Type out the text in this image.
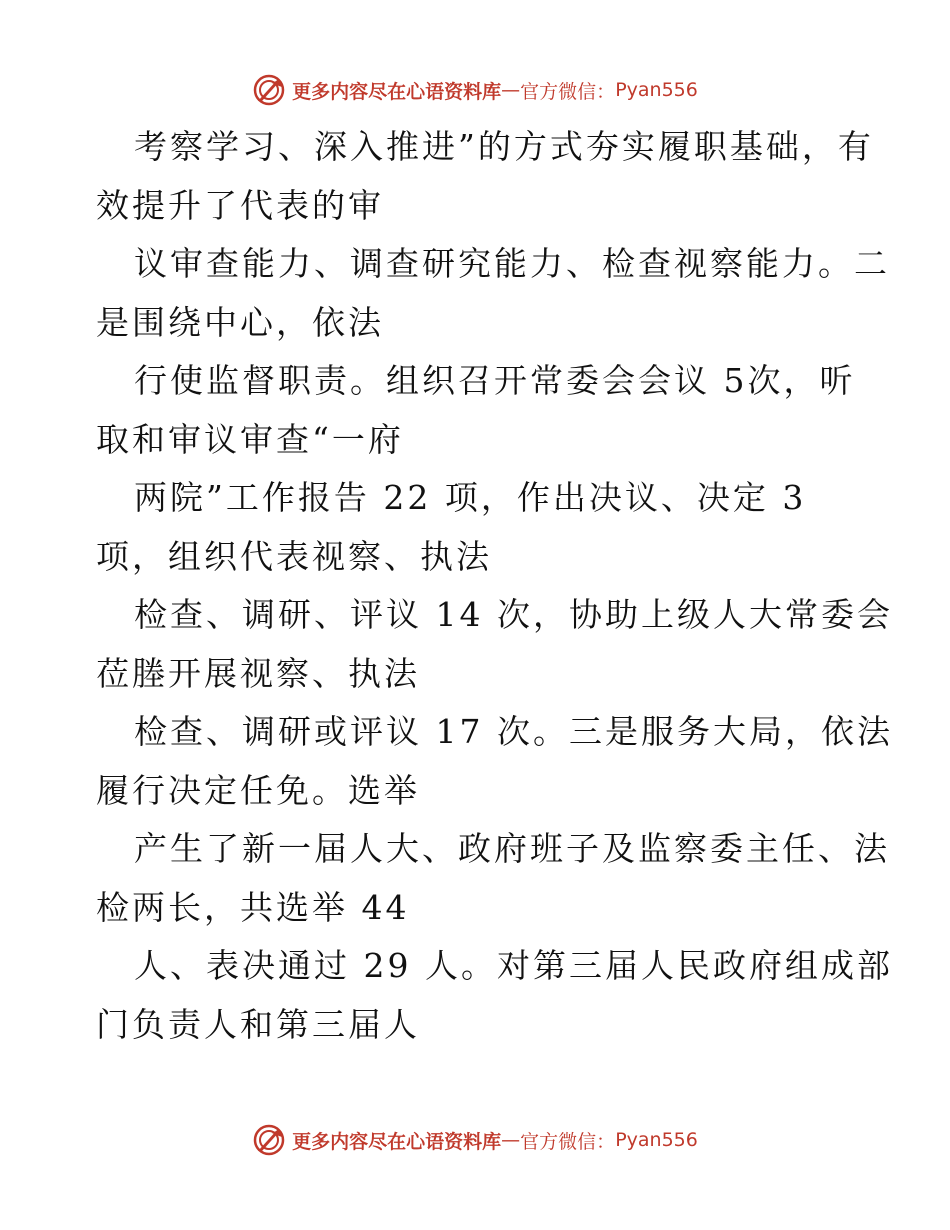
更多内容尽在心语资料库 — 官方微信： Pyan556
考察学习、深入推进”的方式夯实履职基础，有
效提升了代表的审
议审查能力、调查研究能力、检查视察能力。二
是围绕中心，依法
行使监督职责。组织召开常委会会议 5次，听
取和审议审查“一府
两院”工作报告 22 项，作出决议、决定 3
项，组织代表视察、执法
检查、调研、评议 14 次，协助上级人大常委会
莅塍开展视察、执法
检查、调研或评议 17 次。三是服务大局，依法
履行决定任免。选举
产生了新一届人大、政府班子及监察委主任、法
检两长，共选举 44
人、表决通过 29 人。对第三届人民政府组成部
门负责人和第三届人
更多内容尽在心语资料库 — 官方微信： Pyan556
